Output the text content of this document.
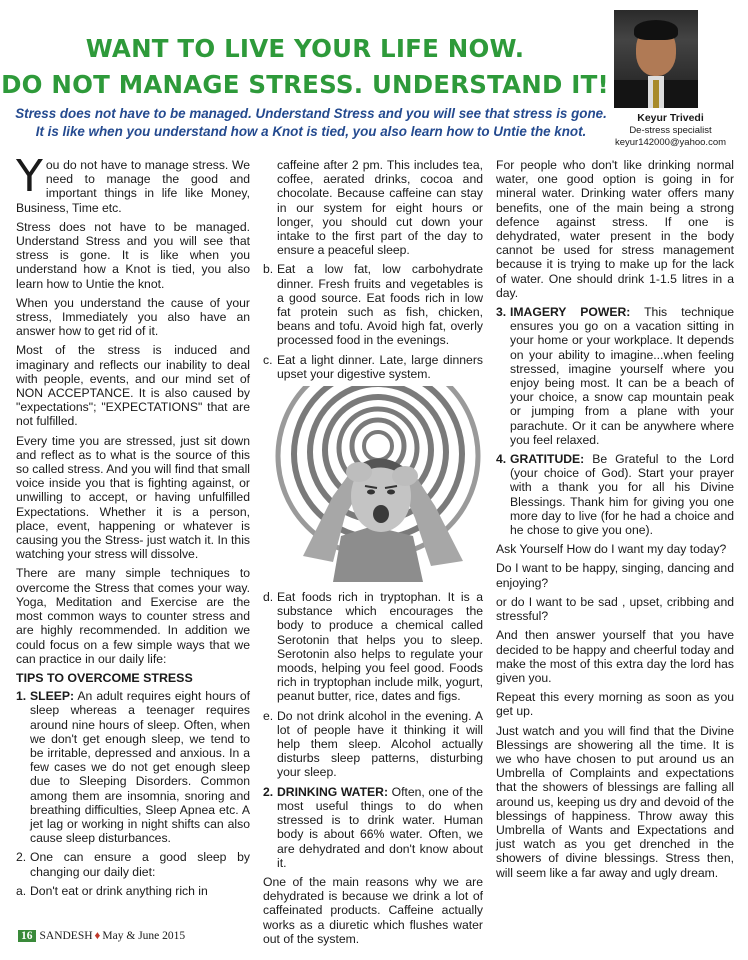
WANT TO LIVE YOUR LIFE NOW.
DO NOT MANAGE STRESS. UNDERSTAND IT!
Stress does not have to be managed. Understand Stress and you will see that stress is gone.
It is like when you understand how a Knot is tied, you also learn how to Untie the knot.
Keyur Trivedi
De-stress specialist
keyur142000@yahoo.com

You do not have to manage stress. We need to manage the good and important things in life like Money, Business, Time etc.

Stress does not have to be managed. Understand Stress and you will see that stress is gone. It is like when you understand how a Knot is tied, you also learn how to Untie the knot.

When you understand the cause of your stress, Immediately you also have an answer how to get rid of it.

Most of the stress is induced and imaginary and reflects our inability to deal with people, events, and our mind set of NON ACCEPTANCE. It is also caused by "expectations"; "EXPECTATIONS" that are not fulfilled.

Every time you are stressed, just sit down and reflect as to what is the source of this so called stress. And you will find that small voice inside you that is fighting against, or unwilling to accept, or having unfulfilled Expectations. Whether it is a person, place, event, happening or whatever is causing you the Stress- just watch it. In this watching your stress will dissolve.

There are many simple techniques to overcome the Stress that comes your way. Yoga, Meditation and Exercise are the most common ways to counter stress and are highly recommended. In addition we could focus on a few simple ways that we can practice in our daily life:

TIPS TO OVERCOME STRESS
1. SLEEP: An adult requires eight hours of sleep whereas a teenager requires around nine hours of sleep. Often, when we don't get enough sleep, we tend to be irritable, depressed and anxious. In a few cases we do not get enough sleep due to Sleeping Disorders. Common among them are insomnia, snoring and breathing difficulties, Sleep Apnea etc. A jet lag or working in night shifts can also cause sleep disturbances.
2. One can ensure a good sleep by changing our daily diet:
a. Don't eat or drink anything rich in
caffeine after 2 pm. This includes tea, coffee, aerated drinks, cocoa and chocolate. Because caffeine can stay in our system for eight hours or longer, you should cut down your intake to the first part of the day to ensure a peaceful sleep.
b. Eat a low fat, low carbohydrate dinner. Fresh fruits and vegetables is a good source. Eat foods rich in low fat protein such as fish, chicken, beans and tofu. Avoid high fat, overly processed food in the evenings.
c. Eat a light dinner. Late, large dinners upset your digestive system.
d. Eat foods rich in tryptophan. It is a substance which encourages the body to produce a chemical called Serotonin that helps you to sleep. Serotonin also helps to regulate your moods, helping you feel good. Foods rich in tryptophan include milk, yogurt, peanut butter, rice, dates and figs.
e. Do not drink alcohol in the evening. A lot of people have it thinking it will help them sleep. Alcohol actually disturbs sleep patterns, disturbing your sleep.
2. DRINKING WATER: Often, one of the most useful things to do when stressed is to drink water. Human body is about 66% water. Often, we are dehydrated and don't know about it.

One of the main reasons why we are dehydrated is because we drink a lot of caffeinated products. Caffeine actually works as a diuretic which flushes water out of the system.

For people who don't like drinking normal water, one good option is going in for mineral water. Drinking water offers many benefits, one of the main being a strong defence against stress. If one is dehydrated, water present in the body cannot be used for stress management because it is trying to make up for the lack of water. One should drink 1-1.5 litres in a day.

3. IMAGERY POWER: This technique ensures you go on a vacation sitting in your home or your workplace. It depends on your ability to imagine...when feeling stressed, imagine yourself where you enjoy being most. It can be a beach of your choice, a snow cap mountain peak or jumping from a plane with your parachute. Or it can be anywhere where you feel relaxed.
4. GRATITUDE: Be Grateful to the Lord (your choice of God). Start your prayer with a thank you for all his Divine Blessings. Thank him for giving you one more day to live (for he had a choice and he chose to give you one).

Ask Yourself How do I want my day today?

Do I want to be happy, singing, dancing and enjoying?

or do I want to be sad , upset, cribbing and stressful?

And then answer yourself that you have decided to be happy and cheerful today and make the most of this extra day the lord has given you.

Repeat this every morning as soon as you get up.

Just watch and you will find that the Divine Blessings are showering all the time. It is we who have chosen to put around us an Umbrella of Complaints and expectations that the showers of blessings are falling all around us, keeping us dry and devoid of the blessings of happiness. Throw away this Umbrella of Wants and Expectations and just watch as you get drenched in the showers of divine blessings. Stress then, will seem like a far away and ugly dream.

16 SANDESH ♦ May & June 2015
